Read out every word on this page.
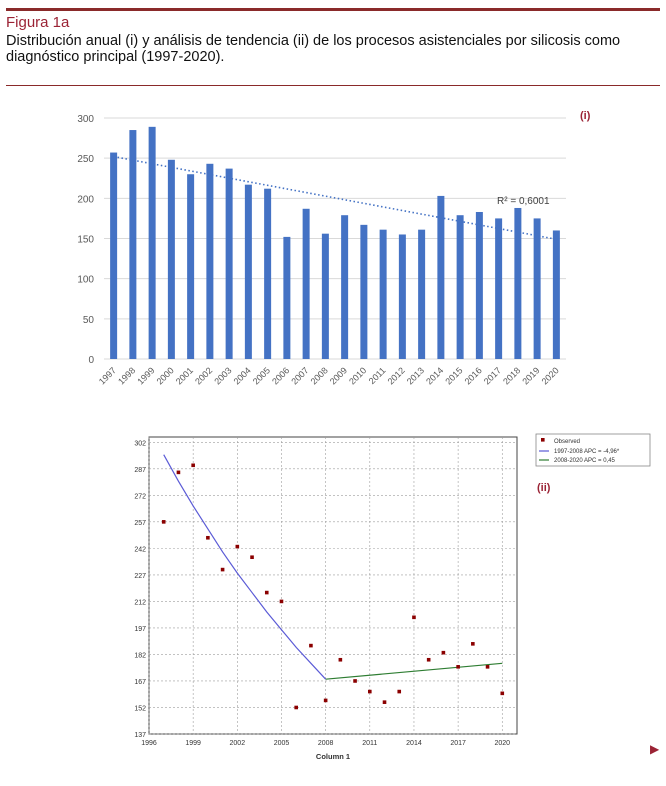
Figura 1a
Distribución anual (i) y análisis de tendencia (ii) de los procesos asistenciales por silicosis como diagnóstico principal (1997-2020).
(i)
0
50
100
150
200
250
300
1997
1998
1999
2000
2001
2002
2003
2004
2005
2006
2007
2008
2009
2010
2011
2012
2013
2014
2015
2016
2017
2018
2019
2020
R² = 0,6001
(ii)
137
152
167
182
197
212
227
242
257
272
287
302
1996	1999	2002	2005	2008	2011	2014	2017	2020
Column 1
Observed
1997-2008 APC = -4,96*
2008-2020 APC = 0,45
▶
